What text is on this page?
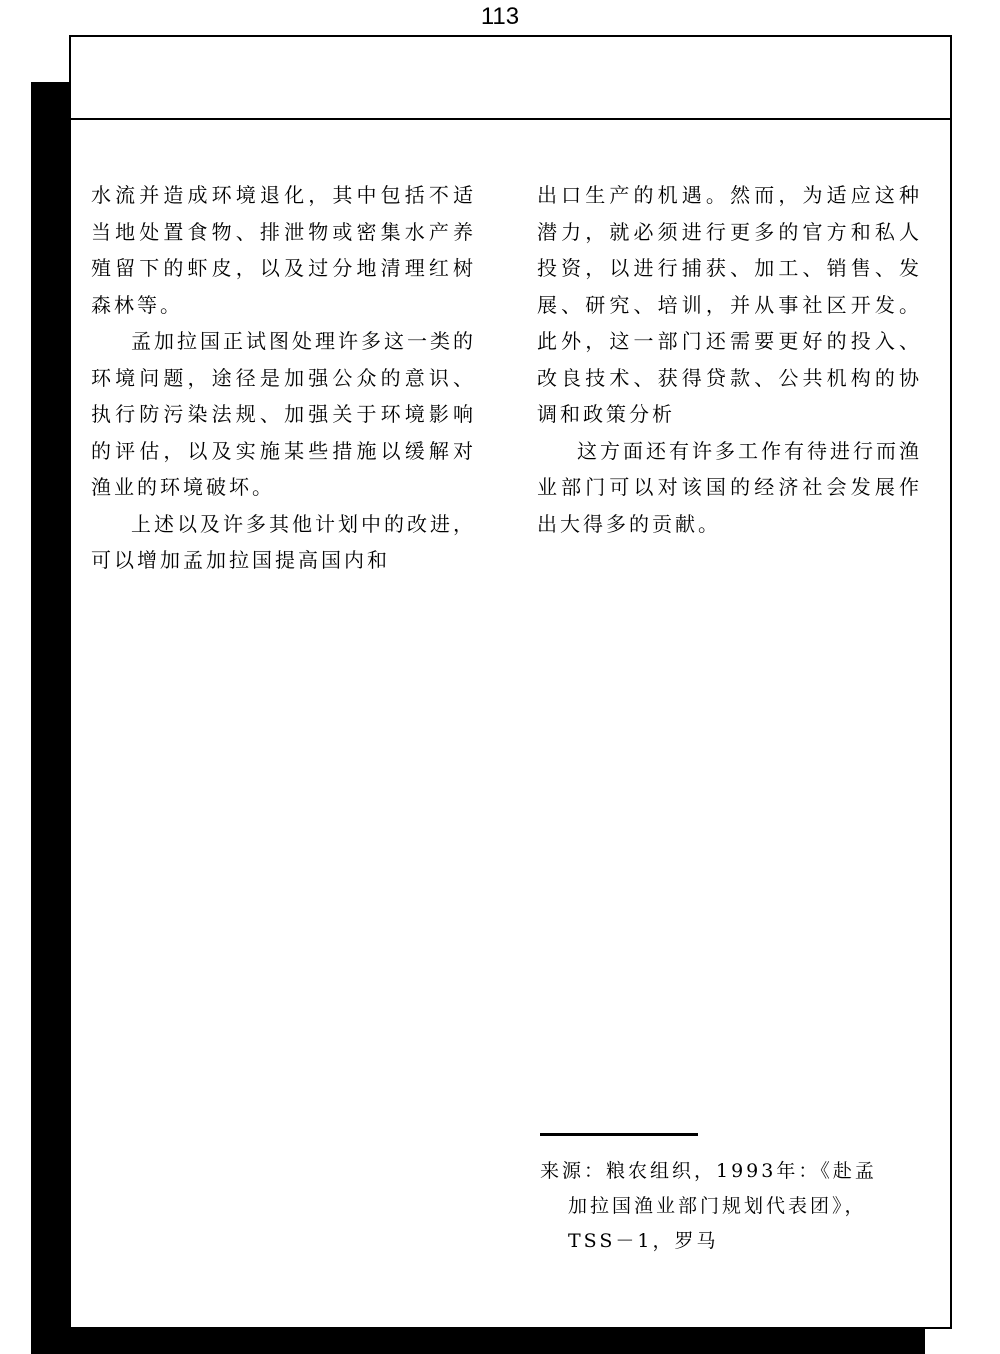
113

水流并造成环境退化，其中包括不适当地处置食物、排泄物或密集水产养殖留下的虾皮，以及过分地清理红树森林等。

孟加拉国正试图处理许多这一类的环境问题，途径是加强公众的意识、执行防污染法规、加强关于环境影响的评估，以及实施某些措施以缓解对渔业的环境破坏。

上述以及许多其他计划中的改进，可以增加孟加拉国提高国内和

出口生产的机遇。然而，为适应这种潜力，就必须进行更多的官方和私人投资，以进行捕获、加工、销售、发展、研究、培训，并从事社区开发。此外，这一部门还需要更好的投入、改良技术、获得贷款、公共机构的协调和政策分析

这方面还有许多工作有待进行而渔业部门可以对该国的经济社会发展作出大得多的贡献。

来源：粮农组织，1993年：《赴孟
加拉国渔业部门规划代表团》，
TSS－1，罗马
